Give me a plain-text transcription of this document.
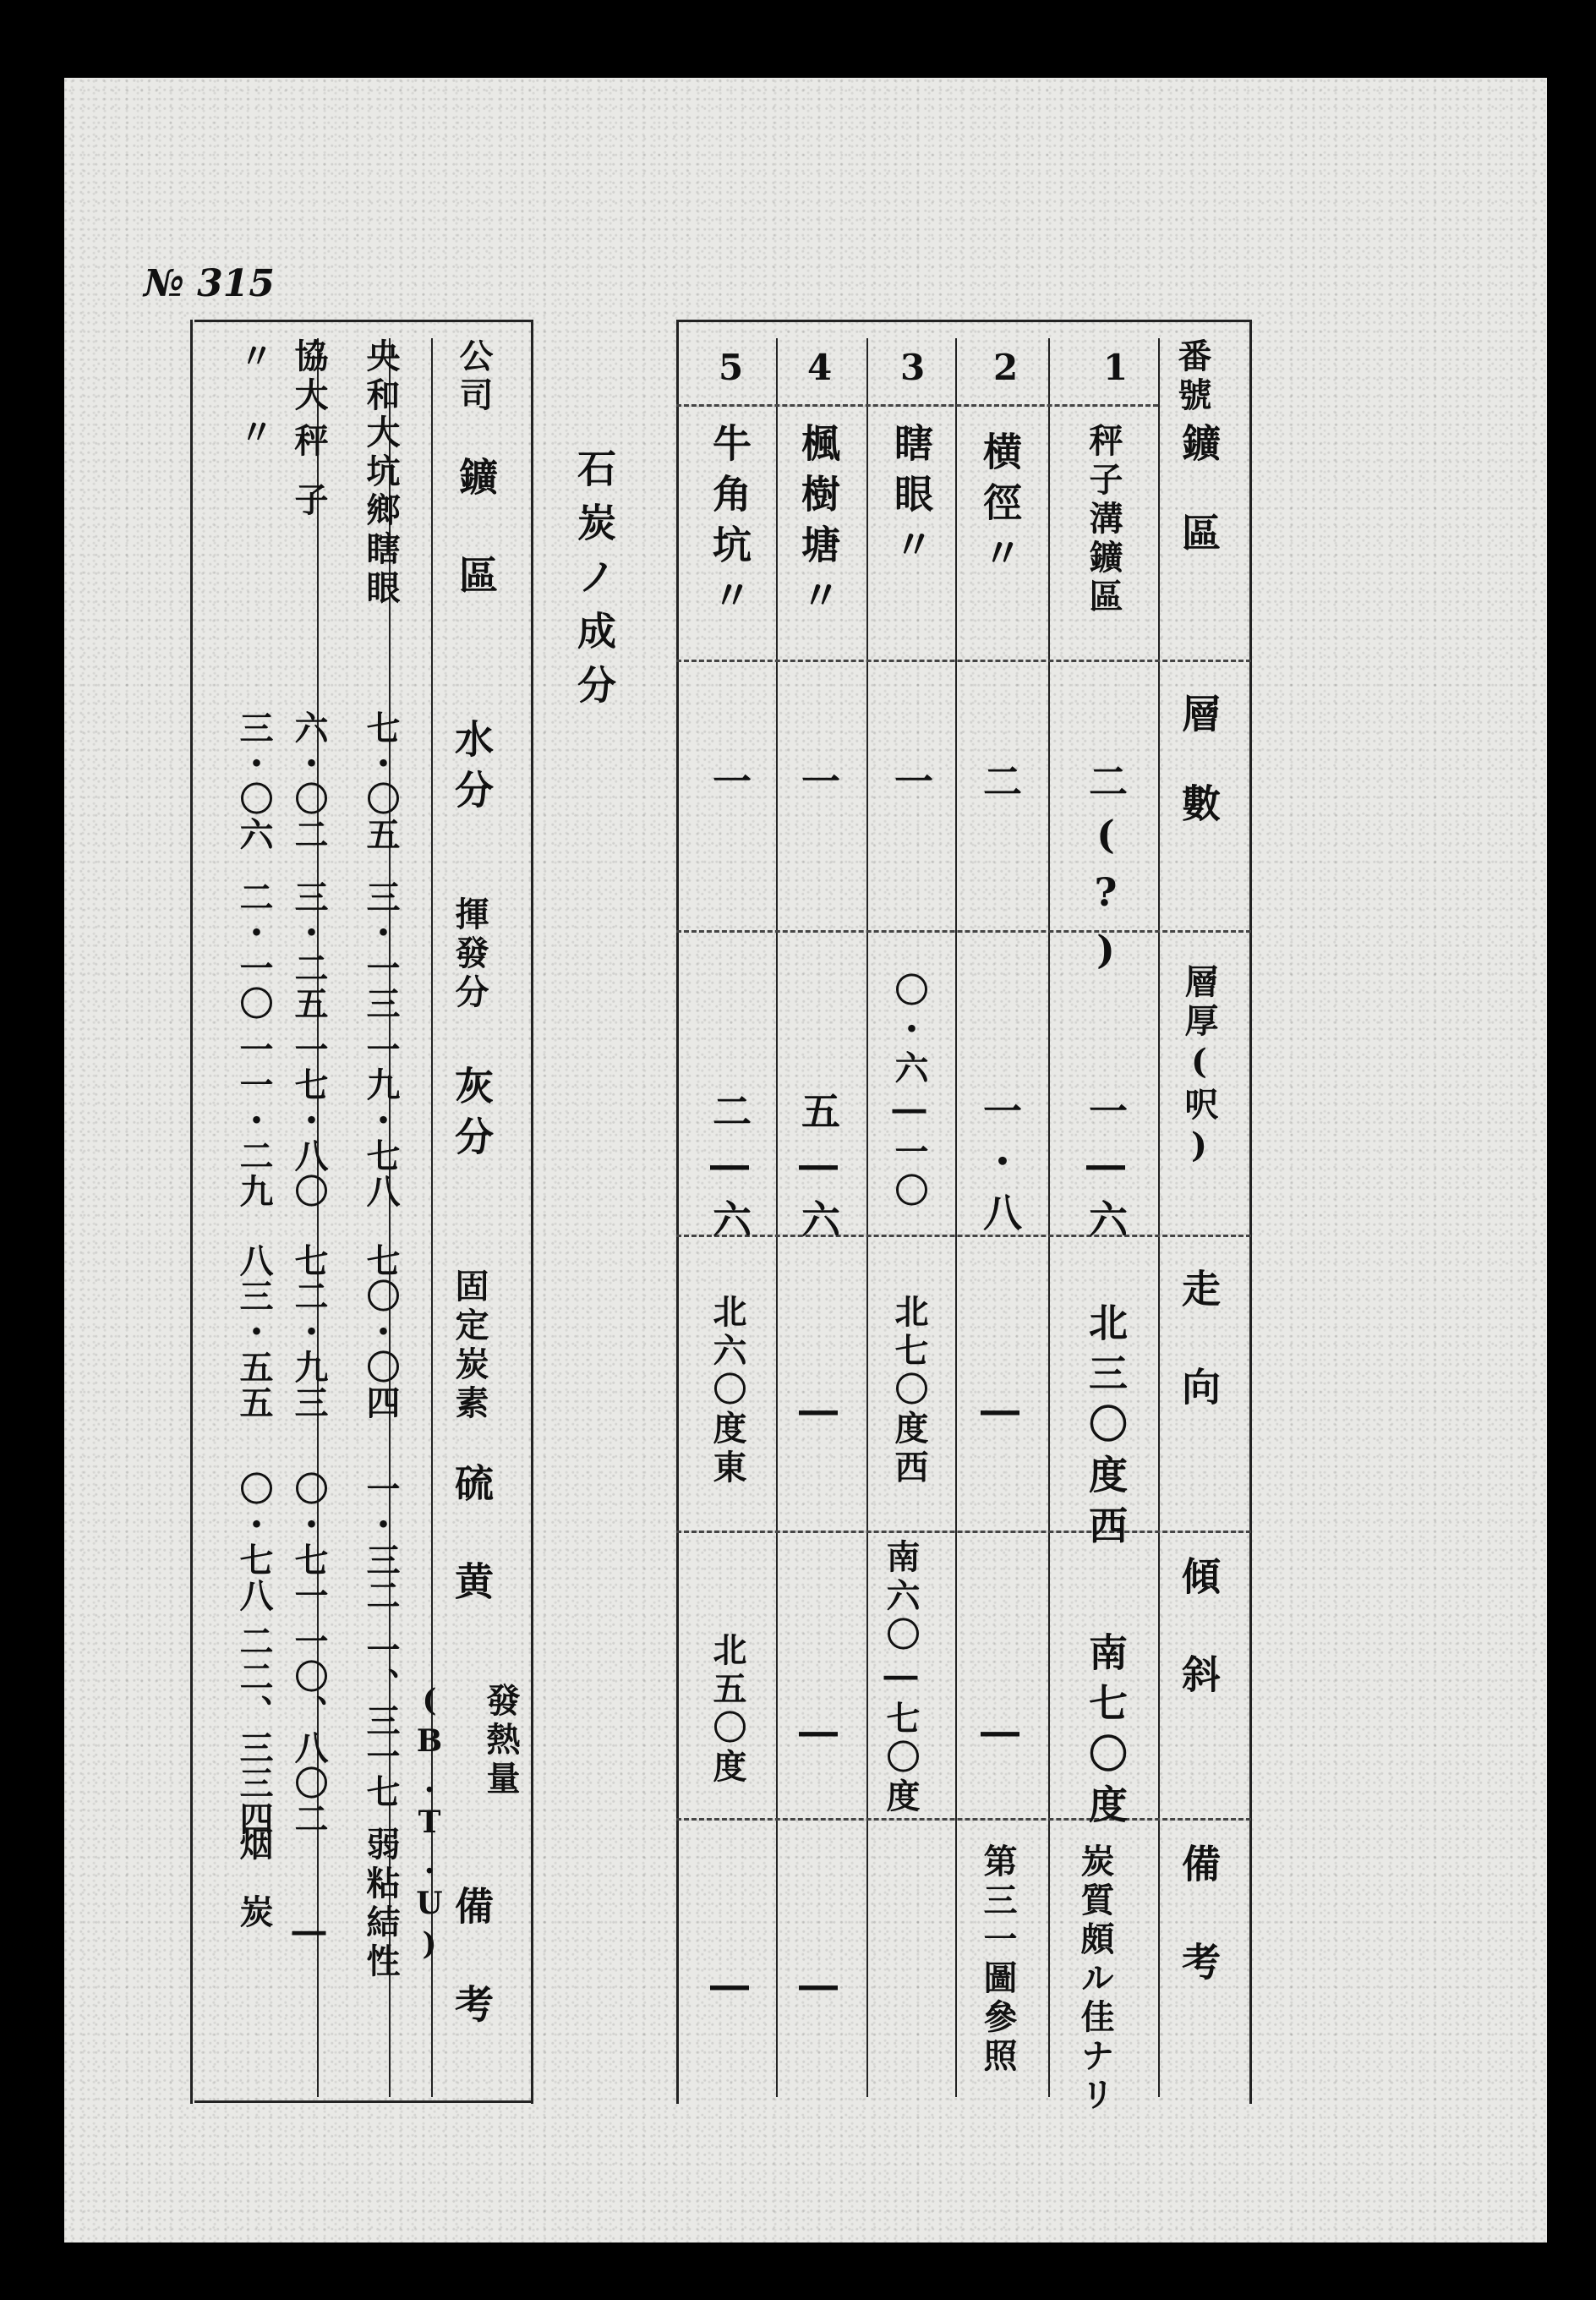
№ 315
番號
鑛區
層數
層厚(呎)
走向
傾斜
備考
1
秤子溝鑛區
二(?)
一―六
北三〇度西
南七〇度
炭質頗ル佳ナリ
2
横徑〃
二
一・八
―
―
第三一圖參照
3
瞎眼〃
一
〇・六―一〇
北七〇度西
南六〇―七〇度
4
楓樹塘〃
一
五―六
―
―
―
5
牛角坑〃
一
二―六
北六〇度東
北五〇度
―
石炭ノ成分
公司
鑛區
水分
揮發分
灰分
固定炭素
硫黄
發熱量
(B.T.U)
備考
央和
大坑鄉瞎眼
七・〇五
三・一三
一九・七八
七〇・〇四
一・三二
一、三一七
弱粘結性
協大
秤子
六・〇二
三・二五
一七・八〇
七二・九三
〇・七一
一〇、八〇二
―
〃
〃
三・〇六
二・一〇
一一・二九
八三・五五
〇・七八
二二、三三四
烟炭
